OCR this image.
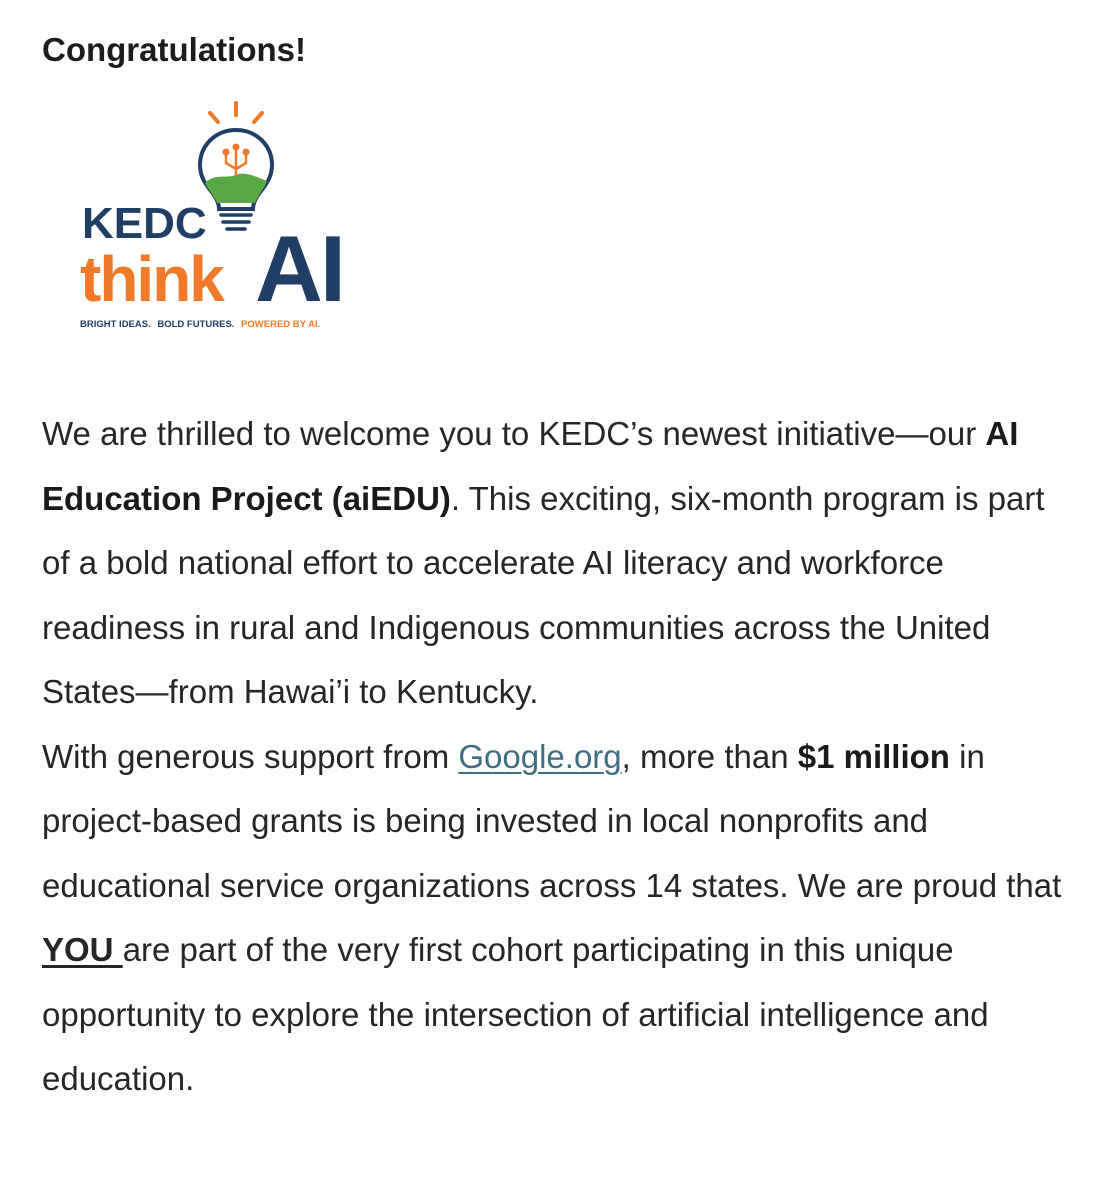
Congratulations!
KEDC
think AI
BRIGHT IDEAS. BOLD FUTURES. POWERED BY AI.

We are thrilled to welcome you to KEDC’s newest initiative—our AI Education Project (aiEDU). This exciting, six-month program is part of a bold national effort to accelerate AI literacy and workforce readiness in rural and Indigenous communities across the United States—from Hawai’i to Kentucky.

With generous support from Google.org, more than $1 million in project-based grants is being invested in local nonprofits and educational service organizations across 14 states. We are proud that YOU are part of the very first cohort participating in this unique opportunity to explore the intersection of artificial intelligence and education.
